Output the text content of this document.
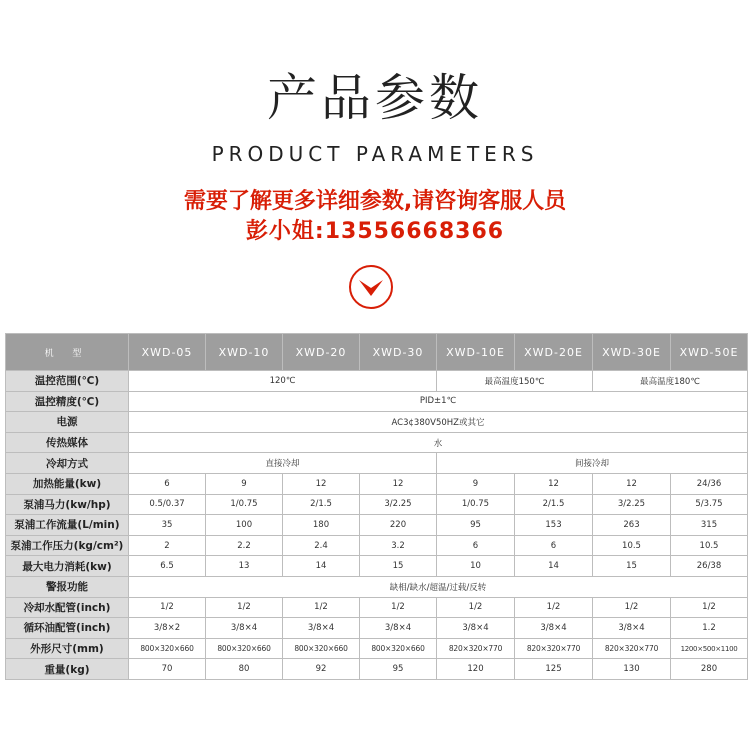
产品参数
PRODUCT PARAMETERS
需要了解更多详细参数,请咨询客服人员
彭小姐:13556668366
机 型	XWD-05	XWD-10	XWD-20	XWD-30	XWD-10E	XWD-20E	XWD-30E	XWD-50E
温控范围(℃)	120℃				最高温度150℃		最高温度180℃	
温控精度(℃)	PID±1℃							
电源	AC3¢380V50HZ或其它							
传热媒体	水							
冷却方式	直接冷却				间接冷却			
加热能量(kw)	6	9	12	12	9	12	12	24/36
泵浦马力(kw/hp)	0.5/0.37	1/0.75	2/1.5	3/2.25	1/0.75	2/1.5	3/2.25	5/3.75
泵浦工作流量(L/min)	35	100	180	220	95	153	263	315
泵浦工作压力(kg/cm²)	2	2.2	2.4	3.2	6	6	10.5	10.5
最大电力消耗(kw)	6.5	13	14	15	10	14	15	26/38
警报功能	缺相/缺水/超温/过载/反转							
冷却水配管(inch)	1/2	1/2	1/2	1/2	1/2	1/2	1/2	1/2
循环油配管(inch)	3/8×2	3/8×4	3/8×4	3/8×4	3/8×4	3/8×4	3/8×4	1.2
外形尺寸(mm)	800×320×660	800×320×660	800×320×660	800×320×660	820×320×770	820×320×770	820×320×770	1200×500×1100
重量(kg)	70	80	92	95	120	125	130	280
